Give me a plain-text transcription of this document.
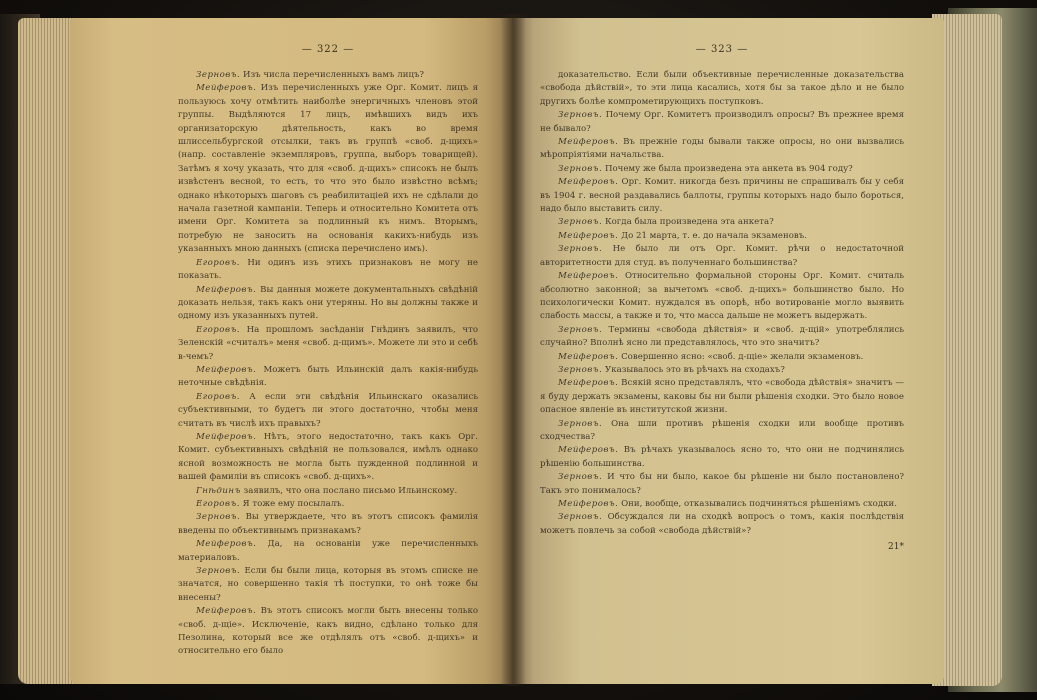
— 322 —

Зерновъ. Изъ числа перечисленныхъ вамъ лицъ?

Мейферовъ. Изъ перечисленныхъ уже Орг. Комит. лицъ я пользуюсь хочу отмѣтить наиболѣе энергичныхъ членовъ этой группы. Выдѣляются 17 лицъ, имѣвшихъ видъ ихъ организаторскую дѣятельность, какъ во время шлиссельбургской отсылки, такъ въ группѣ «своб. д-щихъ» (напр. составленіе экземпляровъ, группа, выборъ товарищей). Затѣмъ я хочу указать, что для «своб. д-щихъ» списокъ не былъ извѣстенъ весной, то есть, то что это было извѣстно всѣмъ; однако нѣкоторыхъ шаговъ съ реабилитаціей ихъ не сдѣлали до начала газетной кампаніи. Теперь и относительно Комитета отъ имени Орг. Комитета за подлинный къ нимъ. Вторымъ, потребую не заносить на основанія какихъ-нибудь изъ указанныхъ мною данныхъ (списка перечислено имъ).

Егоровъ. Ни одинъ изъ этихъ признаковъ не могу не показать.

Мейферовъ. Вы данныя можете документальныхъ свѣдѣній доказать нельзя, такъ какъ они утеряны. Но вы должны также и одному изъ указанныхъ путей.

Егоровъ. На прошломъ засѣданіи Гнѣдинъ заявилъ, что Зеленскій «считалъ» меня «своб. д-щимъ». Можете ли это и себѣ в-чемъ?

Мейферовъ. Можетъ быть Ильинскій далъ какія-нибудь неточные свѣдѣнія.

Егоровъ. А если эти свѣдѣнія Ильинскаго оказались субъективными, то будетъ ли этого достаточно, чтобы меня считать въ числѣ ихъ правыхъ?

Мейферовъ. Нѣтъ, этого недостаточно, такъ какъ Орг. Комит. субъективныхъ свѣдѣній не пользовался, имѣлъ однако ясной возможность не могла быть пужденной подлинной и вашей фамиліи въ списокъ «своб. д-щихъ».

Гнѣдинъ заявилъ, что она послано письмо Ильинскому.

Егоровъ. Я тоже ему посылалъ.

Зерновъ. Вы утверждаете, что въ этотъ списокъ фамилія введены по объективнымъ признакамъ?

Мейферовъ. Да, на основаніи уже перечисленныхъ материаловъ.

Зерновъ. Если бы были лица, которыя въ этомъ списке не значатся, но совершенно такія тѣ поступки, то онѣ тоже бы внесены?

Мейферовъ. Въ этотъ списокъ могли быть внесены только «своб. д-щіе». Исключеніе, какъ видно, сдѣлано только для Пезолина, который все же отдѣлялъ отъ «своб. д-щихъ» и относительно его было

— 323 —

доказательство. Если были объективные перечисленные доказательства «свобода дѣйствій», то эти лица касались, хотя бы за такое дѣло и не было другихъ болѣе компрометирующихъ поступковъ.

Зерновъ. Почему Орг. Комитетъ производилъ опросы? Въ прежнее время не бывало?

Мейферовъ. Въ прежніе годы бывали также опросы, но они вызвались мѣропріятіями начальства.

Зерновъ. Почему же была произведена эта анкета въ 904 году?

Мейферовъ. Орг. Комит. никогда безъ причины не спрашивалъ бы у себя въ 1904 г. весной раздавались баллоты, группы которыхъ надо было бороться, надо было выставить силу.

Зерновъ. Когда была произведена эта анкета?

Мейферовъ. До 21 марта, т. е. до начала экзаменовъ.

Зерновъ. Не было ли отъ Орг. Комит. рѣчи о недостаточной авторитетности для студ. въ полученнаго большинства?

Мейферовъ. Относительно формальной стороны Орг. Комит. считаль абсолютно законной; за вычетомъ «своб. д-щихъ» большинство было. Но психологически Комит. нуждался въ опорѣ, нбо вотированіе могло выявить слабость массы, а также и то, что масса дальше не можетъ выдержать.

Зерновъ. Термины «свобода дѣйствія» и «своб. д-щій» употреблялись случайно? Вполнѣ ясно ли представлялось, что это значитъ?

Мейферовъ. Совершенно ясно: «своб. д-щіе» желали экзаменовъ.

Зерновъ. Указывалось это въ рѣчахъ на сходахъ?

Мейферовъ. Всякій ясно представлялъ, что «свобода дѣйствія» значитъ — я буду держать экзамены, каковы бы ни были рѣшенія сходки. Это было новое опасное явленіе въ институтской жизни.

Зерновъ. Она шли противъ рѣшенія сходки или вообще противъ сходчества?

Мейферовъ. Въ рѣчахъ указывалось ясно то, что они не подчинялись рѣшенію большинства.

Зерновъ. И что бы ни было, какое бы рѣшеніе ни было постановлено? Такъ это понималось?

Мейферовъ. Они, вообще, отказывались подчиняться рѣшеніямъ сходки.

Зерновъ. Обсуждался ли на сходкѣ вопросъ о томъ, какія послѣдствія можетъ повлечь за собой «свобода дѣйствій»?

21*
